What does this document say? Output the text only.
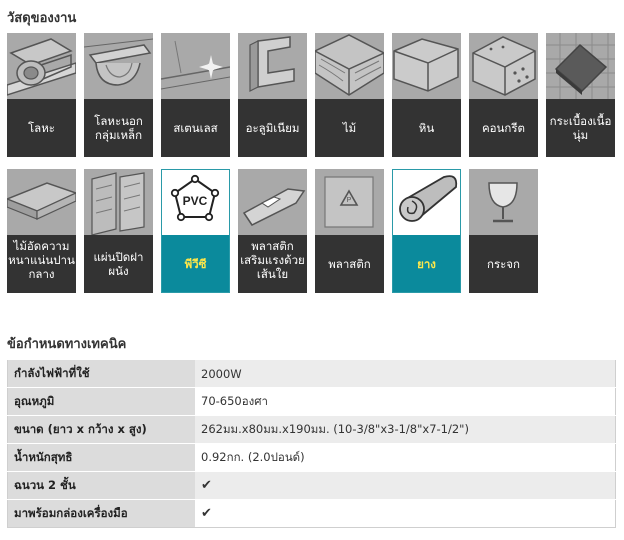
วัสดุของงาน
โลหะ	โลหะนอกกลุ่มเหล็ก	สเตนเลส	อะลูมิเนียม	ไม้	หิน	คอนกรีต	กระเบื้องเนื้อนุ่ม
ไม้อัดความหนาแน่นปานกลาง
แผ่นปิดฝาผนัง
PVC
พีวีซี
พลาสติกเสริมแรงด้วยเส้นใย
P
พลาสติก	ยาง	กระจก
ข้อกำหนดทางเทคนิค
กำลังไฟฟ้าที่ใช้	2000W
อุณหภูมิ	70-650องศา
ขนาด (ยาว x กว้าง x สูง)	262มม.x80มม.x190มม. (10-3/8"x3-1/8"x7-1/2")
น้ำหนักสุทธิ	0.92กก. (2.0ปอนด์)
ฉนวน 2 ชั้น	✔
มาพร้อมกล่องเครื่องมือ	✔
